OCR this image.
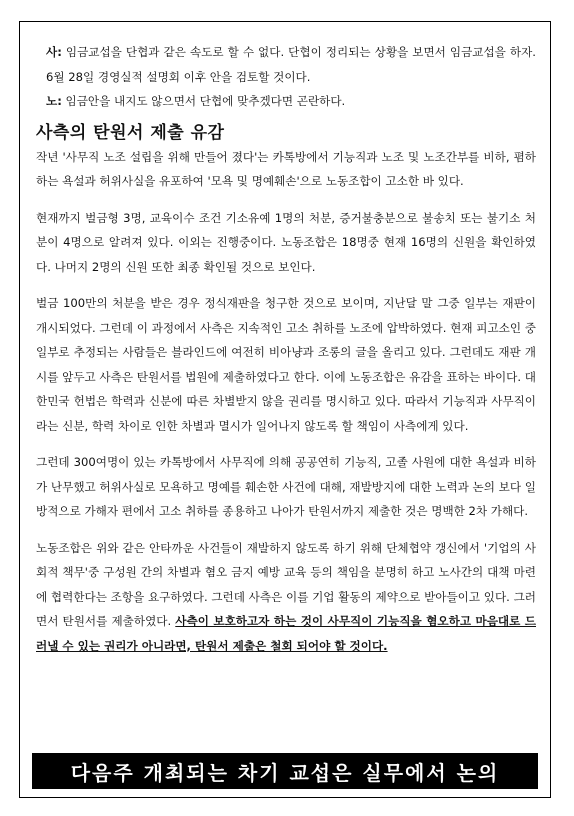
사: 임금교섭을 단협과 같은 속도로 할 수 없다. 단협이 정리되는 상황을 보면서 임금교섭을 하자. 6월 28일 경영실적 설명회 이후 안을 검토할 것이다.

노: 임금안을 내지도 않으면서 단협에 맞추겠다면 곤란하다.

사측의 탄원서 제출 유감

작년 '사무직 노조 설립을 위해 만들어 졌다'는 카톡방에서 기능직과 노조 및 노조간부를 비하, 폄하하는 욕설과 허위사실을 유포하여 '모욕 및 명예훼손'으로 노동조합이 고소한 바 있다.

현재까지 벌금형 3명, 교육이수 조건 기소유예 1명의 처분, 증거불충분으로 불송치 또는 불기소 처분이 4명으로 알려져 있다. 이외는 진행중이다. 노동조합은 18명중 현재 16명의 신원을 확인하였다. 나머지 2명의 신원 또한 최종 확인될 것으로 보인다.

벌금 100만의 처분을 받은 경우 정식재판을 청구한 것으로 보이며, 지난달 말 그중 일부는 재판이 개시되었다. 그런데 이 과정에서 사측은 지속적인 고소 취하를 노조에 압박하였다. 현재 피고소인 중 일부로 추정되는 사람들은 블라인드에 여전히 비아냥과 조롱의 글을 올리고 있다. 그런데도 재판 개시를 앞두고 사측은 탄원서를 법원에 제출하였다고 한다. 이에 노동조합은 유감을 표하는 바이다. 대한민국 헌법은 학력과 신분에 따른 차별받지 않을 권리를 명시하고 있다. 따라서 기능직과 사무직이라는 신분, 학력 차이로 인한 차별과 멸시가 일어나지 않도록 할 책임이 사측에게 있다.

그런데 300여명이 있는 카톡방에서 사무직에 의해 공공연히 기능직, 고졸 사원에 대한 욕설과 비하가 난무했고 허위사실로 모욕하고 명예를 훼손한 사건에 대해, 재발방지에 대한 노력과 논의 보다 일방적으로 가해자 편에서 고소 취하를 종용하고 나아가 탄원서까지 제출한 것은 명백한 2차 가해다.

노동조합은 위와 같은 안타까운 사건들이 재발하지 않도록 하기 위해 단체협약 갱신에서 '기업의 사회적 책무'중 구성원 간의 차별과 혐오 금지 예방 교육 등의 책임을 분명히 하고 노사간의 대책 마련에 협력한다는 조항을 요구하였다. 그런데 사측은 이를 기업 활동의 제약으로 받아들이고 있다. 그러면서 탄원서를 제출하였다. 사측이 보호하고자 하는 것이 사무직이 기능직을 혐오하고 마음대로 드러낼 수 있는 권리가 아니라면, 탄원서 제출은 철회 되어야 할 것이다.

다음주 개최되는 차기 교섭은 실무에서 논의
